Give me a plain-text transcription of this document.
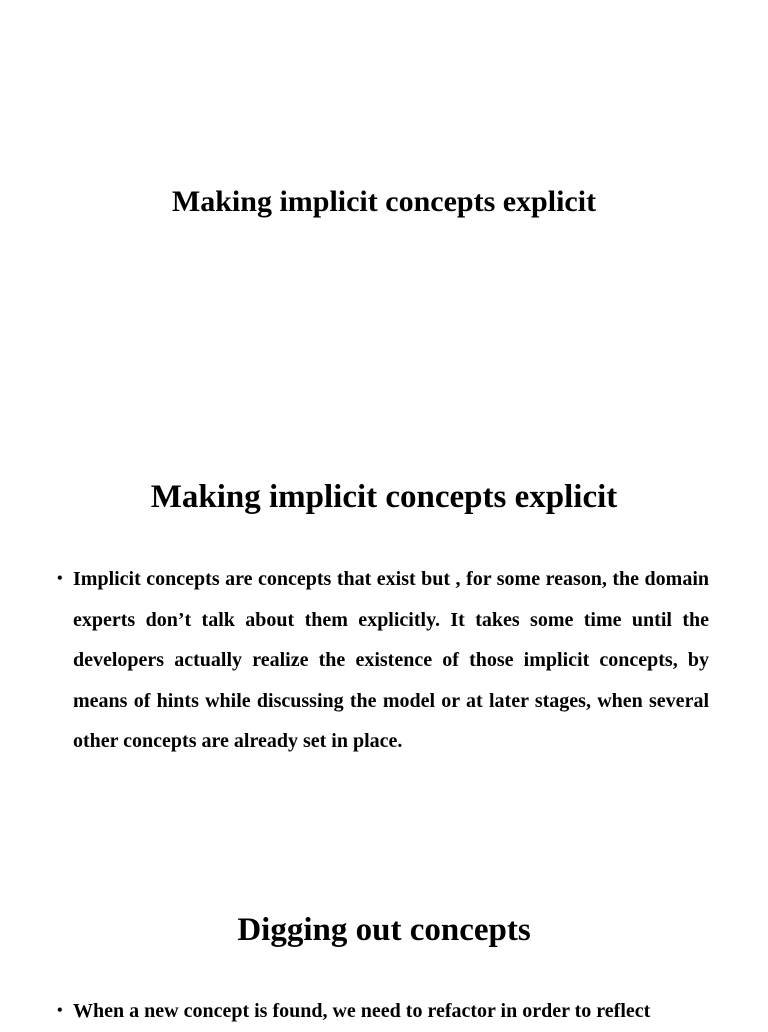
Making implicit concepts explicit
Making implicit concepts explicit
• Implicit concepts are concepts that exist but , for some reason, the domain experts don’t talk about them explicitly. It takes some time until the developers actually realize the existence of those implicit concepts, by means of hints while discussing the model or at later stages, when several other concepts are already set in place.
Digging out concepts
• When a new concept is found, we need to refactor in order to reflect
